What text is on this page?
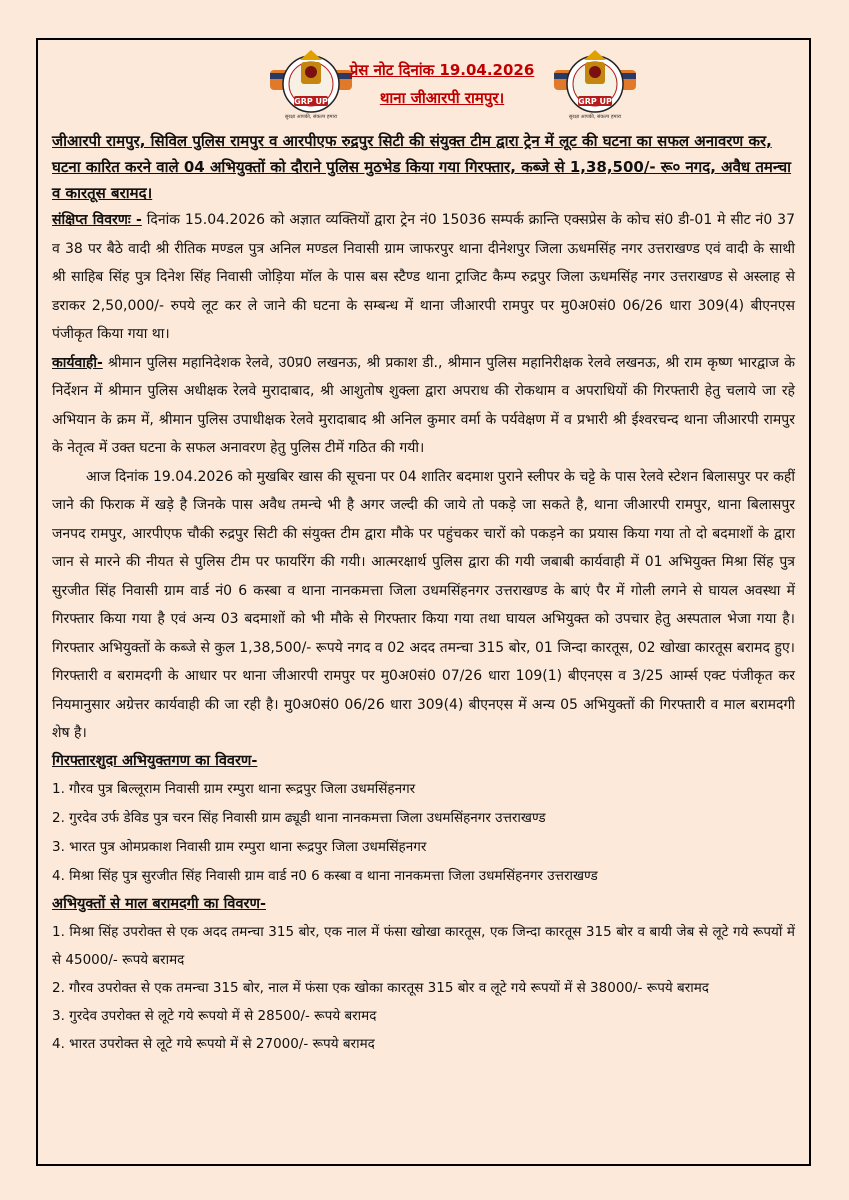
GRP UP
सुरक्षा आपकी, संकल्प हमारा
प्रेस नोट दिनांक 19.04.2026
थाना जीआरपी रामपुर।	GRP UP
सुरक्षा आपकी, संकल्प हमारा
जीआरपी रामपुर, सिविल पुलिस रामपुर व आरपीएफ रुद्रपुर सिटी की संयुक्त टीम द्वारा ट्रेन में लूट की घटना का सफल अनावरण कर, घटना कारित करने वाले 04 अभियुक्तों को दौराने पुलिस मुठभेड किया गया गिरफ्तार, कब्जे से 1,38,500/- रू० नगद, अवैध तमन्चा व कारतूस बरामद।

संक्षिप्त विवरणः - दिनांक 15.04.2026 को अज्ञात व्यक्तियों द्वारा ट्रेन नं0 15036 सम्पर्क क्रान्ति एक्सप्रेस के कोच सं0 डी-01 मे सीट नं0 37 व 38 पर बैठे वादी श्री रीतिक मण्डल पुत्र अनिल मण्डल निवासी ग्राम जाफरपुर थाना दीनेशपुर जिला ऊधमसिंह नगर उत्तराखण्ड एवं वादी के साथी श्री साहिब सिंह पुत्र दिनेश सिंह निवासी जोड़िया मॉल के पास बस स्टैण्ड थाना ट्राजिट कैम्प रुद्रपुर जिला ऊधमसिंह नगर उत्तराखण्ड से अस्लाह से डराकर 2,50,000/- रुपये लूट कर ले जाने की घटना के सम्बन्ध में थाना जीआरपी रामपुर पर मु0अ0सं0 06/26 धारा 309(4) बीएनएस पंजीकृत किया गया था।

कार्यवाही- श्रीमान पुलिस महानिदेशक रेलवे, उ0प्र0 लखनऊ, श्री प्रकाश डी., श्रीमान पुलिस महानिरीक्षक रेलवे लखनऊ, श्री राम कृष्ण भारद्वाज के निर्देशन में श्रीमान पुलिस अधीक्षक रेलवे मुरादाबाद, श्री आशुतोष शुक्ला द्वारा अपराध की रोकथाम व अपराधियों की गिरफ्तारी हेतु चलाये जा रहे अभियान के क्रम में, श्रीमान पुलिस उपाधीक्षक रेलवे मुरादाबाद श्री अनिल कुमार वर्मा के पर्यवेक्षण में व प्रभारी श्री ईश्वरचन्द थाना जीआरपी रामपुर के नेतृत्व में उक्त घटना के सफल अनावरण हेतु पुलिस टीमें गठित की गयी।

आज दिनांक 19.04.2026 को मुखबिर खास की सूचना पर 04 शातिर बदमाश पुराने स्लीपर के चट्टे के पास रेलवे स्टेशन बिलासपुर पर कहीं जाने की फिराक में खड़े है जिनके पास अवैध तमन्चे भी है अगर जल्दी की जाये तो पकड़े जा सकते है, थाना जीआरपी रामपुर, थाना बिलासपुर जनपद रामपुर, आरपीएफ चौकी रुद्रपुर सिटी की संयुक्त टीम द्वारा मौके पर पहुंचकर चारों को पकड़ने का प्रयास किया गया तो दो बदमाशों के द्वारा जान से मारने की नीयत से पुलिस टीम पर फायरिंग की गयी। आत्मरक्षार्थ पुलिस द्वारा की गयी जबाबी कार्यवाही में 01 अभियुक्त मिश्रा सिंह पुत्र सुरजीत सिंह निवासी ग्राम वार्ड नं0 6 कस्बा व थाना नानकमत्ता जिला उधमसिंहनगर उत्तराखण्ड के बाएं पैर में गोली लगने से घायल अवस्था में गिरफ्तार किया गया है एवं अन्य 03 बदमाशों को भी मौके से गिरफ्तार किया गया तथा घायल अभियुक्त को उपचार हेतु अस्पताल भेजा गया है। गिरफ्तार अभियुक्तों के कब्जे से कुल 1,38,500/- रूपये नगद व 02 अदद तमन्चा 315 बोर, 01 जिन्दा कारतूस, 02 खोखा कारतूस बरामद हुए। गिरफ्तारी व बरामदगी के आधार पर थाना जीआरपी रामपुर पर मु0अ0सं0 07/26 धारा 109(1) बीएनएस व 3/25 आर्म्स एक्ट पंजीकृत कर नियमानुसार अग्रेत्तर कार्यवाही की जा रही है। मु0अ0सं0 06/26 धारा 309(4) बीएनएस में अन्य 05 अभियुक्तों की गिरफ्तारी व माल बरामदगी शेष है।

गिरफ्तारशुदा अभियुक्तगण का विवरण-
1. गौरव पुत्र बिल्लूराम निवासी ग्राम रम्पुरा थाना रूद्रपुर जिला उधमसिंहनगर
2. गुरदेव उर्फ डेविड पुत्र चरन सिंह निवासी ग्राम ढ्यूडी थाना नानकमत्ता जिला उधमसिंहनगर उत्तराखण्ड
3. भारत पुत्र ओमप्रकाश निवासी ग्राम रम्पुरा थाना रूद्रपुर जिला उधमसिंहनगर
4. मिश्रा सिंह पुत्र सुरजीत सिंह निवासी ग्राम वार्ड न0 6 कस्बा व थाना नानकमत्ता जिला उधमसिंहनगर उत्तराखण्ड
अभियुक्तों से माल बरामदगी का विवरण-
1. मिश्रा सिंह उपरोक्त से एक अदद तमन्चा 315 बोर, एक नाल में फंसा खोखा कारतूस, एक जिन्दा कारतूस 315 बोर व बायी जेब से लूटे गये रूपयों में से 45000/- रूपये बरामद
2. गौरव उपरोक्त से एक तमन्चा 315 बोर, नाल में फंसा एक खोका कारतूस 315 बोर व लूटे गये रूपयों में से 38000/- रूपये बरामद
3. गुरदेव उपरोक्त से लूटे गये रूपयो में से 28500/- रूपये बरामद
4. भारत उपरोक्त से लूटे गये रूपयो में से 27000/- रूपये बरामद
